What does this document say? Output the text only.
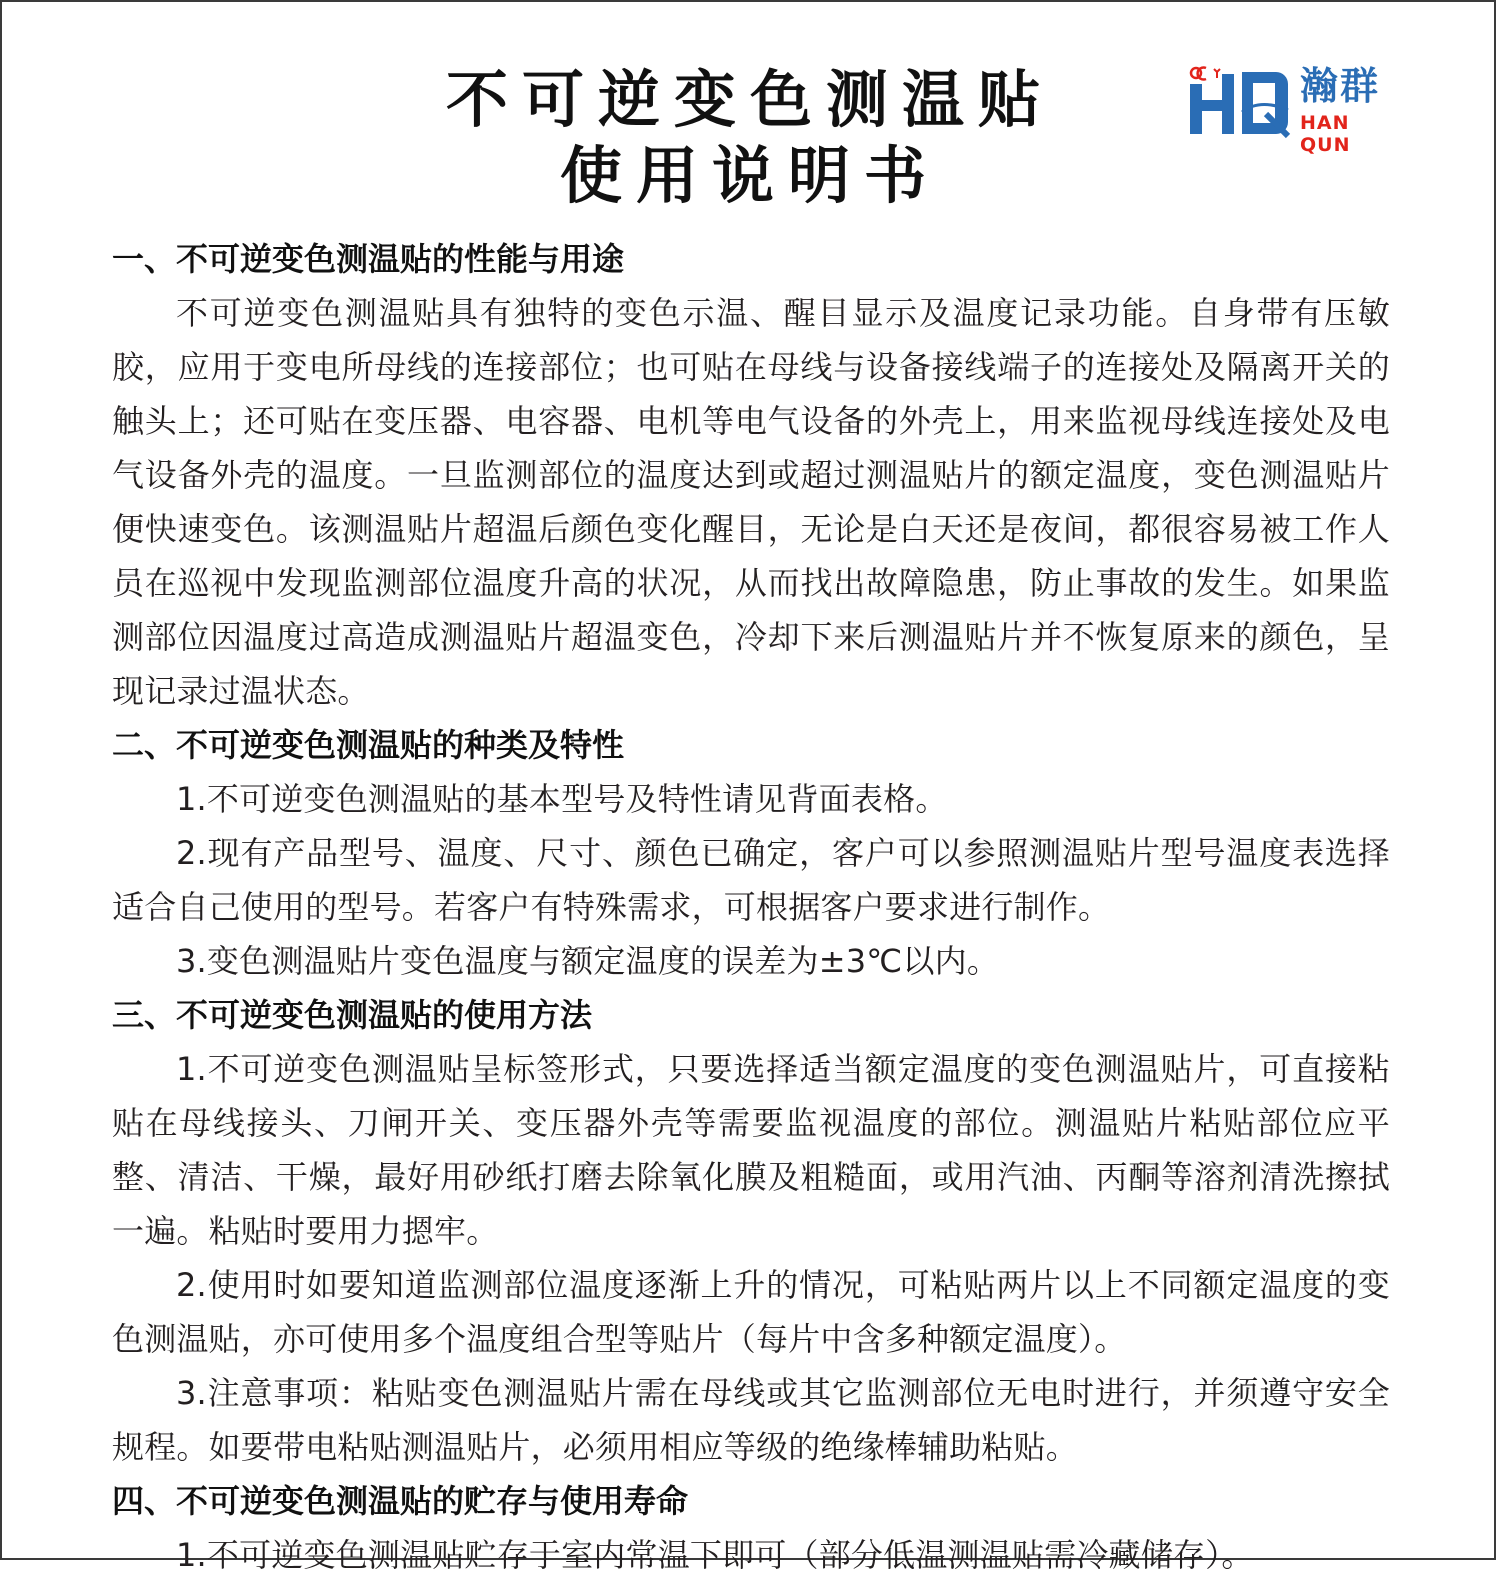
不可逆变色测温贴
使用说明书
瀚群
HAN QUN

一、不可逆变色测温贴的性能与用途

不可逆变色测温贴具有独特的变色示温、醒目显示及温度记录功能。自身带有压敏胶，应用于变电所母线的连接部位；也可贴在母线与设备接线端子的连接处及隔离开关的触头上；还可贴在变压器、电容器、电机等电气设备的外壳上，用来监视母线连接处及电气设备外壳的温度。一旦监测部位的温度达到或超过测温贴片的额定温度，变色测温贴片便快速变色。该测温贴片超温后颜色变化醒目，无论是白天还是夜间，都很容易被工作人员在巡视中发现监测部位温度升高的状况，从而找出故障隐患，防止事故的发生。如果监测部位因温度过高造成测温贴片超温变色，冷却下来后测温贴片并不恢复原来的颜色，呈现记录过温状态。

二、不可逆变色测温贴的种类及特性

1.不可逆变色测温贴的基本型号及特性请见背面表格。

2.现有产品型号、温度、尺寸、颜色已确定，客户可以参照测温贴片型号温度表选择适合自己使用的型号。若客户有特殊需求，可根据客户要求进行制作。

3.变色测温贴片变色温度与额定温度的误差为±3℃以内。

三、不可逆变色测温贴的使用方法

1.不可逆变色测温贴呈标签形式，只要选择适当额定温度的变色测温贴片，可直接粘贴在母线接头、刀闸开关、变压器外壳等需要监视温度的部位。测温贴片粘贴部位应平整、清洁、干燥，最好用砂纸打磨去除氧化膜及粗糙面，或用汽油、丙酮等溶剂清洗擦拭一遍。粘贴时要用力摁牢。

2.使用时如要知道监测部位温度逐渐上升的情况，可粘贴两片以上不同额定温度的变色测温贴，亦可使用多个温度组合型等贴片（每片中含多种额定温度）。

3.注意事项：粘贴变色测温贴片需在母线或其它监测部位无电时进行，并须遵守安全规程。如要带电粘贴测温贴片，必须用相应等级的绝缘棒辅助粘贴。

四、不可逆变色测温贴的贮存与使用寿命

1.不可逆变色测温贴贮存于室内常温下即可（部分低温测温贴需冷藏储存）。
